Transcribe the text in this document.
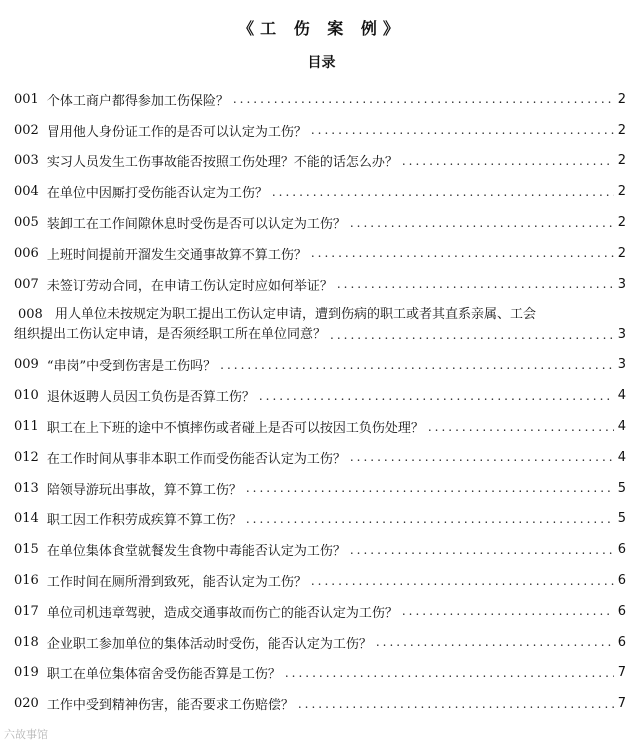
《工 伤 案 例》
目录
001 个体工商户都得参加工伤保险？ .....	2
002 冒用他人身份证工作的是否可以认定为工伤？ .....	2
003 实习人员发生工伤事故能否按照工伤处理？不能的话怎么办？ .....	2
004 在单位中因厮打受伤能否认定为工伤？ .....	2
005 装卸工在工作间隙休息时受伤是否可以认定为工伤？ .....	2
006 上班时间提前开溜发生交通事故算不算工伤？ .....	2
007 未签订劳动合同，在申请工伤认定时应如何举证？ .....	3
008 用人单位未按规定为职工提出工伤认定申请，遭到伤病的职工或者其直系亲属、工会
组织提出工伤认定申请，是否须经职工所在单位同意？ .....	3
009 “串岗”中受到伤害是工伤吗？ .....	3
010 退休返聘人员因工负伤是否算工伤？ .....	4
011 职工在上下班的途中不慎摔伤或者碰上是否可以按因工负伤处理？ .....	4
012 在工作时间从事非本职工作而受伤能否认定为工伤？ .....	4
013 陪领导游玩出事故，算不算工伤？ .....	5
014 职工因工作积劳成疾算不算工伤？ .....	5
015 在单位集体食堂就餐发生食物中毒能否认定为工伤？ .....	6
016 工作时间在厕所滑到致死，能否认定为工伤？ .....	6
017 单位司机违章驾驶，造成交通事故而伤亡的能否认定为工伤？ .....	6
018 企业职工参加单位的集体活动时受伤，能否认定为工伤？ .....	6
019 职工在单位集体宿舍受伤能否算是工伤？ .....	7
020 工作中受到精神伤害，能否要求工伤赔偿？ .....	7
六故事馆
